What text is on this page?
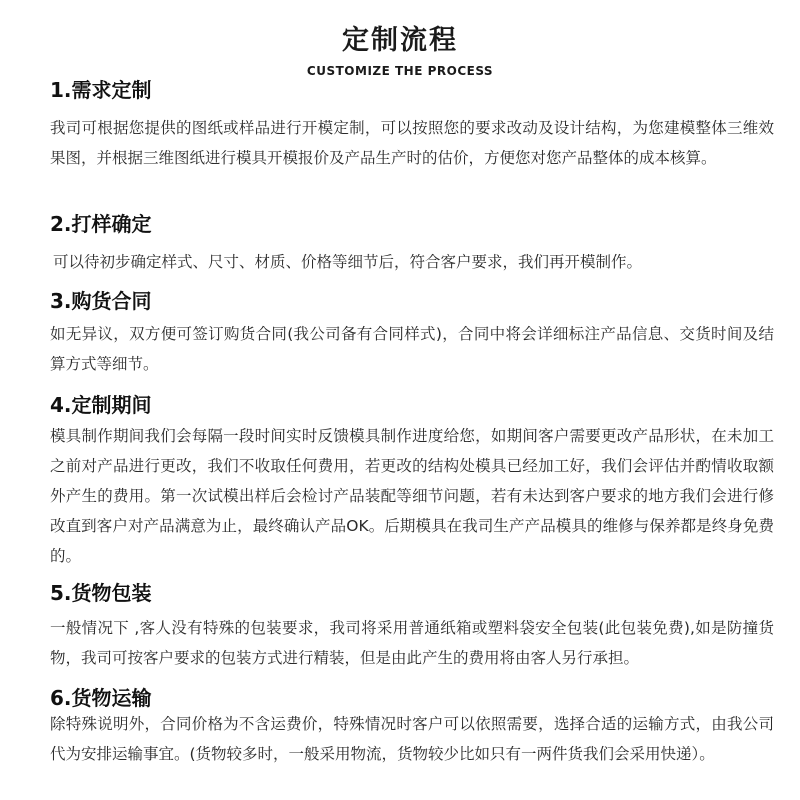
定制流程
CUSTOMIZE THE PROCESS
1.需求定制
我司可根据您提供的图纸或样品进行开模定制，可以按照您的要求改动及设计结构，为您建模整体三维效果图，并根据三维图纸进行模具开模报价及产品生产时的估价，方便您对您产品整体的成本核算。
2.打样确定
可以待初步确定样式、尺寸、材质、价格等细节后，符合客户要求，我们再开模制作。
3.购货合同
如无异议，双方便可签订购货合同(我公司备有合同样式)，合同中将会详细标注产品信息、交货时间及结算方式等细节。
4.定制期间
模具制作期间我们会每隔一段时间实时反馈模具制作进度给您，如期间客户需要更改产品形状，在未加工之前对产品进行更改，我们不收取任何费用，若更改的结构处模具已经加工好，我们会评估并酌情收取额外产生的费用。第一次试模出样后会检讨产品装配等细节问题，若有未达到客户要求的地方我们会进行修改直到客户对产品满意为止，最终确认产品OK。后期模具在我司生产产品模具的维修与保养都是终身免费的。
5.货物包装
一般情况下 ,客人没有特殊的包装要求，我司将采用普通纸箱或塑料袋安全包装(此包装免费),如是防撞货物，我司可按客户要求的包装方式进行精装，但是由此产生的费用将由客人另行承担。
6.货物运输
除特殊说明外，合同价格为不含运费价，特殊情况时客户可以依照需要，选择合适的运输方式，由我公司代为安排运输事宜。(货物较多时，一般采用物流，货物较少比如只有一两件货我们会采用快递）。
